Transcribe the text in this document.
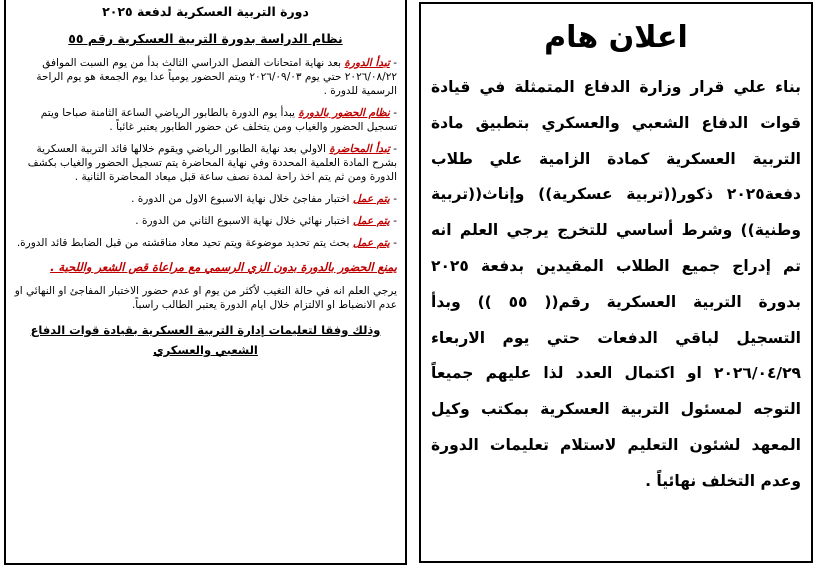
دورة التربية العسكرية لدفعة ٢٠٢٥
نظام الدراسة بدورة التربية العسكرية رقم ٥٥
- تبدأ الدورة بعد نهاية امتحانات الفصل الدراسي الثالث بدأ من يوم السبت الموافق ٢٠٢٦/٠٨/٢٢ حتي يوم ٢٠٢٦/٠٩/٠٣ ويتم الحضور يومياً عدا يوم الجمعة هو يوم الراحة الرسمية للدورة .
- نظام الحضور بالدورة يبدأ يوم الدورة بالطابور الرياضي الساعة الثامنة صباحا ويتم تسجيل الحضور والغياب ومن يتخلف عن حضور الطابور يعتبر غائباً .
- تبدأ المحاضرة الاولي بعد نهاية الطابور الرياضي ويقوم خلالها قائد التربية العسكرية بشرح المادة العلمية المحددة وفي نهاية المحاضرة يتم تسجيل الحضور والغياب بكشف الدورة ومن ثم يتم اخذ راحة لمدة نصف ساعة قبل ميعاد المحاضرة الثانية .
- يتم عمل اختبار مفاجئ خلال نهاية الاسبوع الاول من الدورة .
- يتم عمل اختبار نهائي خلال نهاية الاسبوع الثاني من الدورة .
- يتم عمل بحث يتم تحديد موضوعة ويتم تحيد معاد مناقشته من قبل الضابط قائد الدورة.
يمنع الحضور بالدورة بدون الزي الرسمي مع مراعاة قص الشعر واللحية .
يرجي العلم انه في حالة التغيب لأكثر من يوم او عدم حضور الاختبار المفاجئ او النهائي او عدم الانضباط او الالتزام خلال ايام الدورة يعتبر الطالب راسباً.
وذلك وفقا لتعليمات إدارة التربية العسكرية بقيادة قوات الدفاع الشعبي والعسكري
اعلان هام
بناء علي قرار وزارة الدفاع المتمثلة في قيادة قوات الدفاع الشعبي والعسكري بتطبيق مادة التربية العسكرية كمادة الزامية علي طلاب دفعة٢٠٢٥ ذكور((تربية عسكرية)) وإناث((تربية وطنية)) وشرط أساسي للتخرج يرجي العلم انه تم إدراج جميع الطلاب المقيدين بدفعة ٢٠٢٥ بدورة التربية العسكرية رقم(( ٥٥ )) وبدأ التسجيل لباقي الدفعات حتي يوم الاربعاء ٢٠٢٦/٠٤/٢٩ او اكتمال العدد لذا عليهم جميعاً التوجه لمسئول التربية العسكرية بمكتب وكيل المعهد لشئون التعليم لاستلام تعليمات الدورة وعدم التخلف نهائياً .
